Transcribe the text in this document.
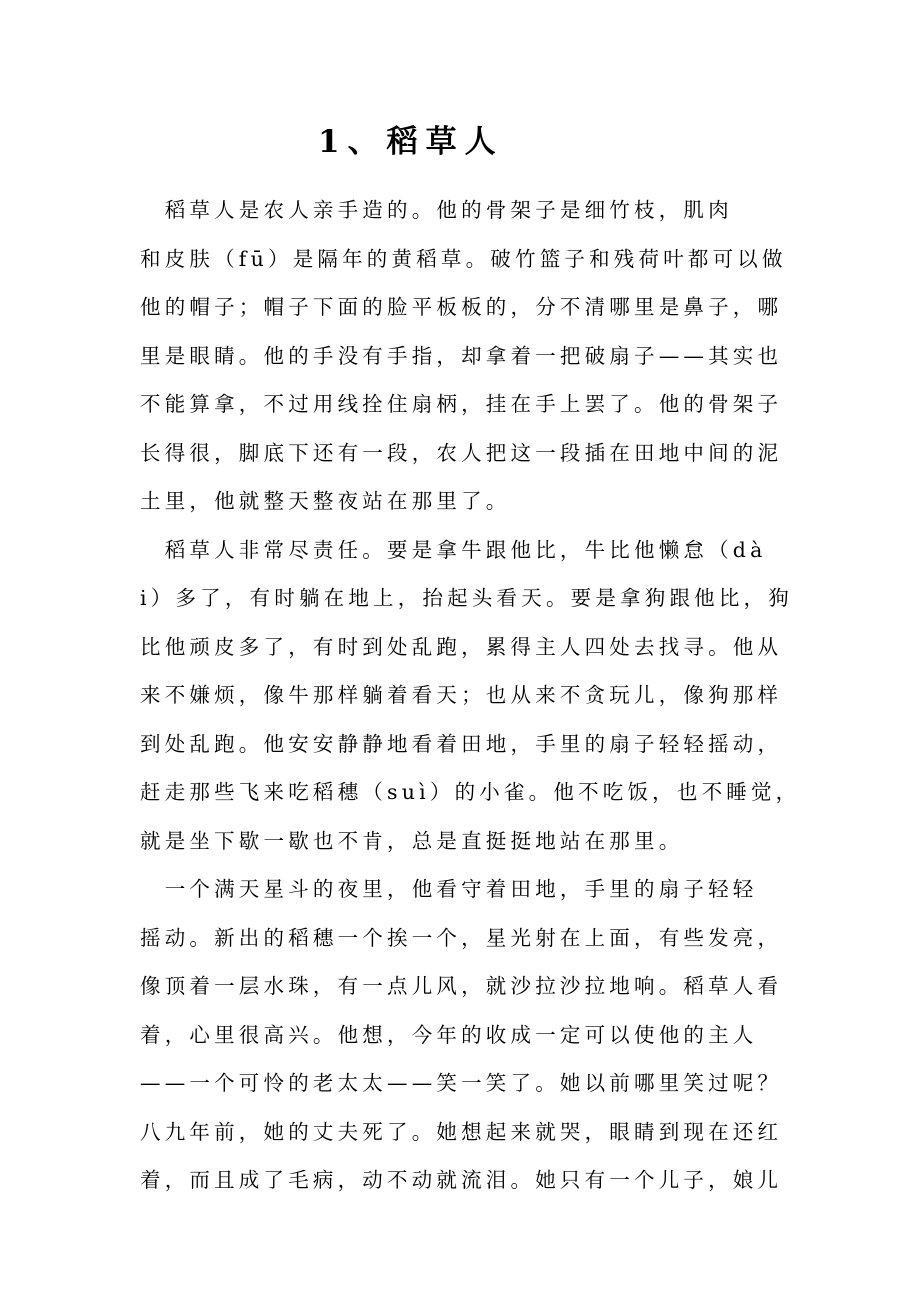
1、稻草人
　稻草人是农人亲手造的。他的骨架子是细竹枝，肌肉
和皮肤（fū）是隔年的黄稻草。破竹篮子和残荷叶都可以做
他的帽子；帽子下面的脸平板板的，分不清哪里是鼻子，哪
里是眼睛。他的手没有手指，却拿着一把破扇子——其实也
不能算拿，不过用线拴住扇柄，挂在手上罢了。他的骨架子
长得很，脚底下还有一段，农人把这一段插在田地中间的泥
土里，他就整天整夜站在那里了。
　稻草人非常尽责任。要是拿牛跟他比，牛比他懒怠（dà
i）多了，有时躺在地上，抬起头看天。要是拿狗跟他比，狗
比他顽皮多了，有时到处乱跑，累得主人四处去找寻。他从
来不嫌烦，像牛那样躺着看天；也从来不贪玩儿，像狗那样
到处乱跑。他安安静静地看着田地，手里的扇子轻轻摇动，
赶走那些飞来吃稻穗（suì）的小雀。他不吃饭，也不睡觉，
就是坐下歇一歇也不肯，总是直挺挺地站在那里。
　一个满天星斗的夜里，他看守着田地，手里的扇子轻轻
摇动。新出的稻穗一个挨一个，星光射在上面，有些发亮，
像顶着一层水珠，有一点儿风，就沙拉沙拉地响。稻草人看
着，心里很高兴。他想，今年的收成一定可以使他的主人
——一个可怜的老太太——笑一笑了。她以前哪里笑过呢？
八九年前，她的丈夫死了。她想起来就哭，眼睛到现在还红
着，而且成了毛病，动不动就流泪。她只有一个儿子，娘儿
